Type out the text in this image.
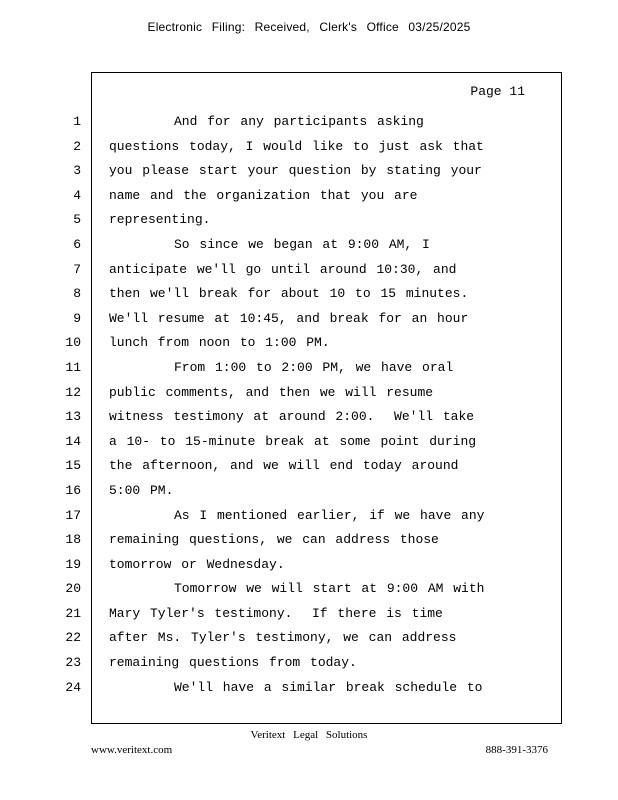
Electronic Filing: Received, Clerk's Office 03/25/2025
Page 11
1	And for any participants asking
2 questions today, I would like to just ask that
3 you please start your question by stating your
4 name and the organization that you are
5 representing.
6	So since we began at 9:00 AM, I
7 anticipate we'll go until around 10:30, and
8 then we'll break for about 10 to 15 minutes.
9 We'll resume at 10:45, and break for an hour
10 lunch from noon to 1:00 PM.
11	From 1:00 to 2:00 PM, we have oral
12 public comments, and then we will resume
13 witness testimony at around 2:00.  We'll take
14 a 10- to 15-minute break at some point during
15 the afternoon, and we will end today around
16 5:00 PM.
17	As I mentioned earlier, if we have any
18 remaining questions, we can address those
19 tomorrow or Wednesday.
20	Tomorrow we will start at 9:00 AM with
21 Mary Tyler's testimony.  If there is time
22 after Ms. Tyler's testimony, we can address
23 remaining questions from today.
24	We'll have a similar break schedule to
Veritext Legal Solutions
www.veritext.com	888-391-3376
